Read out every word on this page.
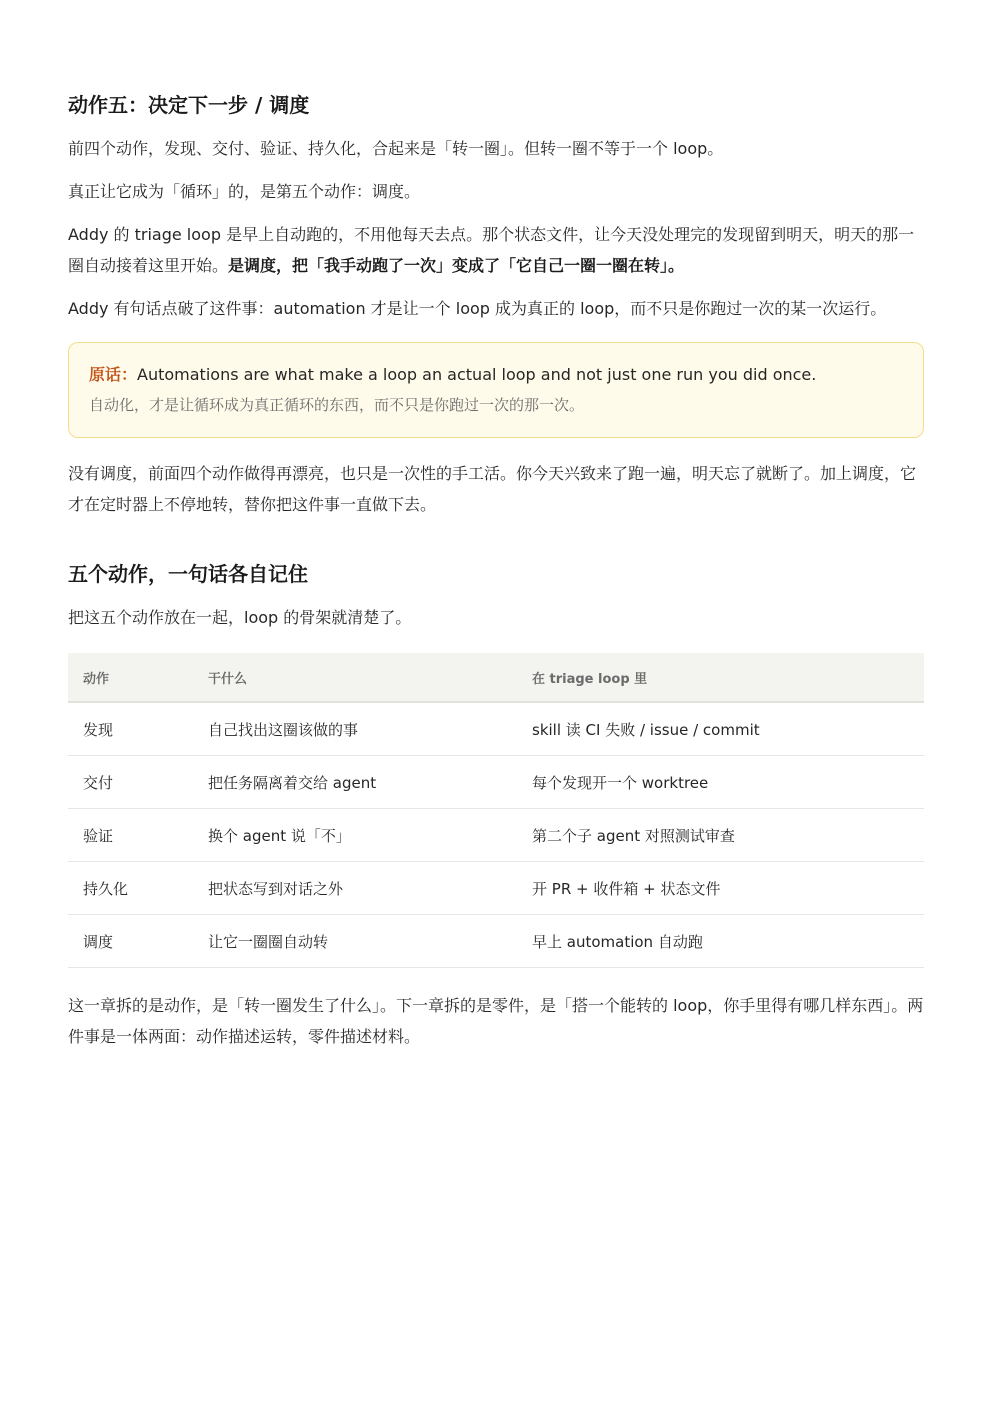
动作五：决定下一步 / 调度

前四个动作，发现、交付、验证、持久化，合起来是「转一圈」。但转一圈不等于一个 loop。

真正让它成为「循环」的，是第五个动作：调度。

Addy 的 triage loop 是早上自动跑的，不用他每天去点。那个状态文件，让今天没处理完的发现留到明天，明天的那一圈自动接着这里开始。是调度，把「我手动跑了一次」变成了「它自己一圈一圈在转」。

Addy 有句话点破了这件事：automation 才是让一个 loop 成为真正的 loop，而不只是你跑过一次的某一次运行。

原话：Automations are what make a loop an actual loop and not just one run you did once.
自动化，才是让循环成为真正循环的东西，而不只是你跑过一次的那一次。

没有调度，前面四个动作做得再漂亮，也只是一次性的手工活。你今天兴致来了跑一遍，明天忘了就断了。加上调度，它才在定时器上不停地转，替你把这件事一直做下去。

五个动作，一句话各自记住

把这五个动作放在一起，loop 的骨架就清楚了。

动作	干什么	在 triage loop 里
发现	自己找出这圈该做的事	skill 读 CI 失败 / issue / commit
交付	把任务隔离着交给 agent	每个发现开一个 worktree
验证	换个 agent 说「不」	第二个子 agent 对照测试审查
持久化	把状态写到对话之外	开 PR + 收件箱 + 状态文件
调度	让它一圈圈自动转	早上 automation 自动跑

这一章拆的是动作，是「转一圈发生了什么」。下一章拆的是零件，是「搭一个能转的 loop，你手里得有哪几样东西」。两件事是一体两面：动作描述运转，零件描述材料。
